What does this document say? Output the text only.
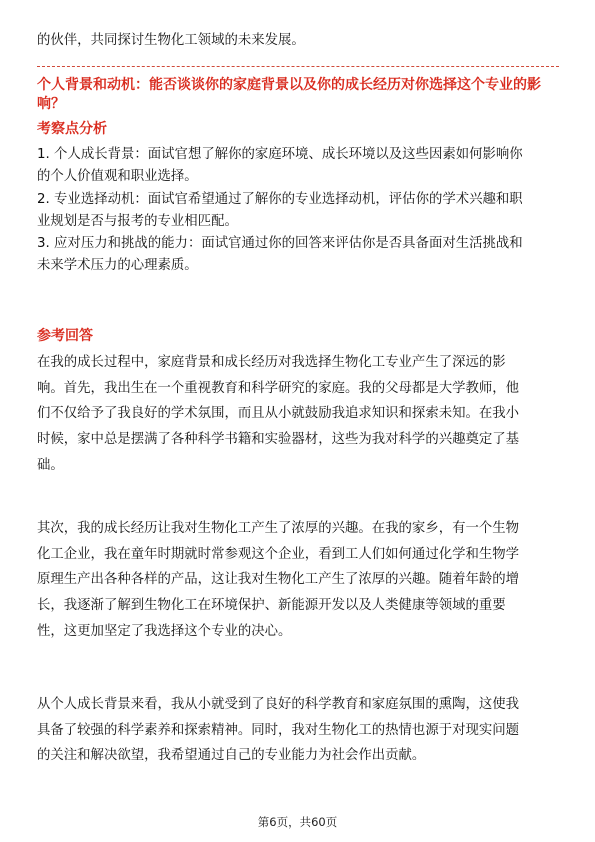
的伙伴，共同探讨生物化工领域的未来发展。

个人背景和动机：能否谈谈你的家庭背景以及你的成长经历对你选择这个专业的影

响？

考察点分析

1. 个人成长背景：面试官想了解你的家庭环境、成长环境以及这些因素如何影响你

的个人价值观和职业选择。

2. 专业选择动机：面试官希望通过了解你的专业选择动机，评估你的学术兴趣和职

业规划是否与报考的专业相匹配。

3. 应对压力和挑战的能力：面试官通过你的回答来评估你是否具备面对生活挑战和

未来学术压力的心理素质。

参考回答

在我的成长过程中，家庭背景和成长经历对我选择生物化工专业产生了深远的影

响。首先，我出生在一个重视教育和科学研究的家庭。我的父母都是大学教师，他

们不仅给予了我良好的学术氛围，而且从小就鼓励我追求知识和探索未知。在我小

时候，家中总是摆满了各种科学书籍和实验器材，这些为我对科学的兴趣奠定了基

础。

其次，我的成长经历让我对生物化工产生了浓厚的兴趣。在我的家乡，有一个生物

化工企业，我在童年时期就时常参观这个企业，看到工人们如何通过化学和生物学

原理生产出各种各样的产品，这让我对生物化工产生了浓厚的兴趣。随着年龄的增

长，我逐渐了解到生物化工在环境保护、新能源开发以及人类健康等领域的重要

性，这更加坚定了我选择这个专业的决心。

从个人成长背景来看，我从小就受到了良好的科学教育和家庭氛围的熏陶，这使我

具备了较强的科学素养和探索精神。同时，我对生物化工的热情也源于对现实问题

的关注和解决欲望，我希望通过自己的专业能力为社会作出贡献。

第6页，共60页
